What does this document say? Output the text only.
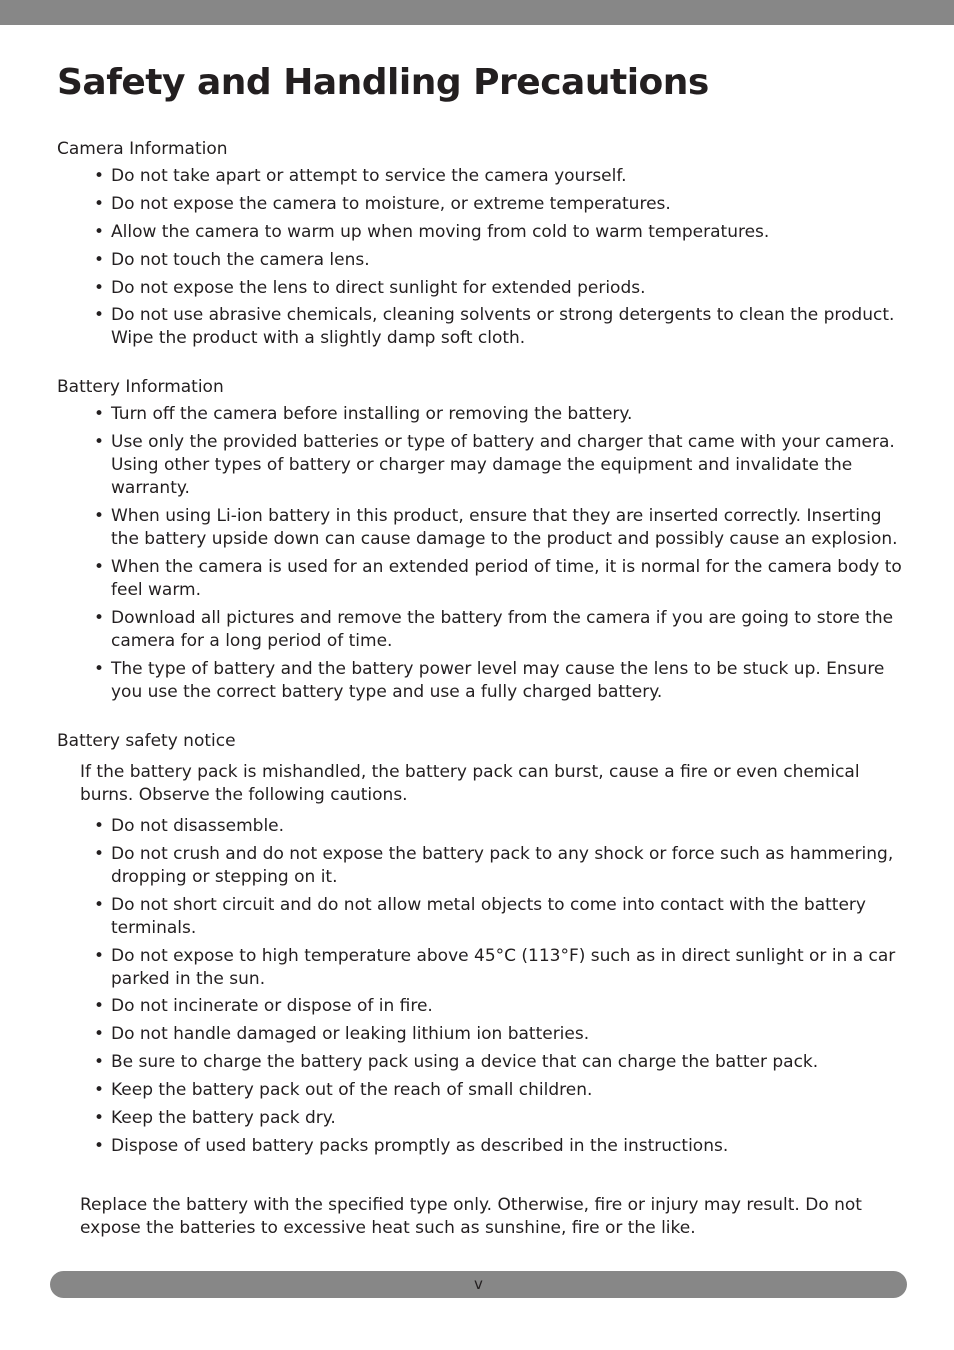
Safety and Handling Precautions
Camera Information
• Do not take apart or attempt to service the camera yourself.
• Do not expose the camera to moisture, or extreme temperatures.
• Allow the camera to warm up when moving from cold to warm temperatures.
• Do not touch the camera lens.
• Do not expose the lens to direct sunlight for extended periods.
• Do not use abrasive chemicals, cleaning solvents or strong detergents to clean the product. Wipe the product with a slightly damp soft cloth.
Battery Information
• Turn off the camera before installing or removing the battery.
• Use only the provided batteries or type of battery and charger that came with your camera. Using other types of battery or charger may damage the equipment and invalidate the warranty.
• When using Li-ion battery in this product, ensure that they are inserted correctly. Inserting the battery upside down can cause damage to the product and possibly cause an explosion.
• When the camera is used for an extended period of time, it is normal for the camera body to feel warm.
• Download all pictures and remove the battery from the camera if you are going to store the camera for a long period of time.
• The type of battery and the battery power level may cause the lens to be stuck up. Ensure you use the correct battery type and use a fully charged battery.
Battery safety notice

If the battery pack is mishandled, the battery pack can burst, cause a fire or even chemical burns. Observe the following cautions.

• Do not disassemble.
• Do not crush and do not expose the battery pack to any shock or force such as hammering, dropping or stepping on it.
• Do not short circuit and do not allow metal objects to come into contact with the battery terminals.
• Do not expose to high temperature above 45°C (113°F) such as in direct sunlight or in a car parked in the sun.
• Do not incinerate or dispose of in fire.
• Do not handle damaged or leaking lithium ion batteries.
• Be sure to charge the battery pack using a device that can charge the batter pack.
• Keep the battery pack out of the reach of small children.
• Keep the battery pack dry.
• Dispose of used battery packs promptly as described in the instructions.

Replace the battery with the specified type only. Otherwise, fire or injury may result. Do not expose the batteries to excessive heat such as sunshine, fire or the like.

v
